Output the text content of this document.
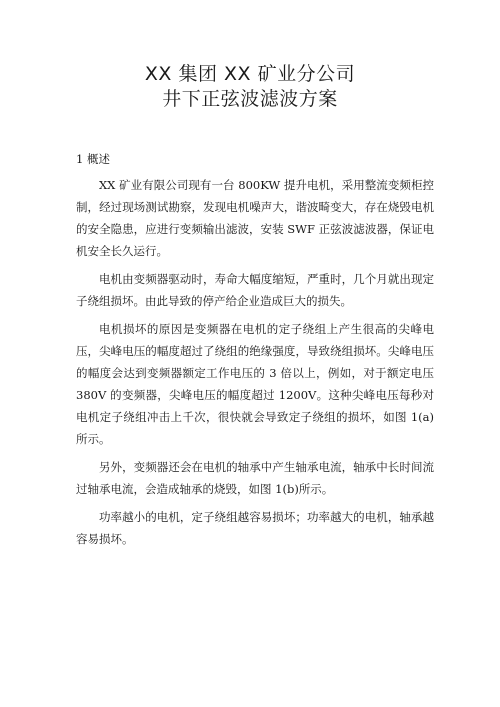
XX 集团 XX 矿业分公司
井下正弦波滤波方案
1 概述

XX 矿业有限公司现有一台 800KW 提升电机，采用整流变频柜控制，经过现场测试勘察，发现电机噪声大，谐波畸变大，存在烧毁电机的安全隐患，应进行变频输出滤波，安装 SWF 正弦波滤波器，保证电机安全长久运行。

电机由变频器驱动时，寿命大幅度缩短，严重时，几个月就出现定子绕组损坏。由此导致的停产给企业造成巨大的损失。

电机损坏的原因是变频器在电机的定子绕组上产生很高的尖峰电压，尖峰电压的幅度超过了绕组的绝缘强度，导致绕组损坏。尖峰电压的幅度会达到变频器额定工作电压的 3 倍以上，例如，对于额定电压 380V 的变频器，尖峰电压的幅度超过 1200V。这种尖峰电压每秒对电机定子绕组冲击上千次，很快就会导致定子绕组的损坏，如图 1(a)所示。

另外，变频器还会在电机的轴承中产生轴承电流，轴承中长时间流过轴承电流，会造成轴承的烧毁，如图 1(b)所示。

功率越小的电机，定子绕组越容易损坏；功率越大的电机，轴承越容易损坏。
